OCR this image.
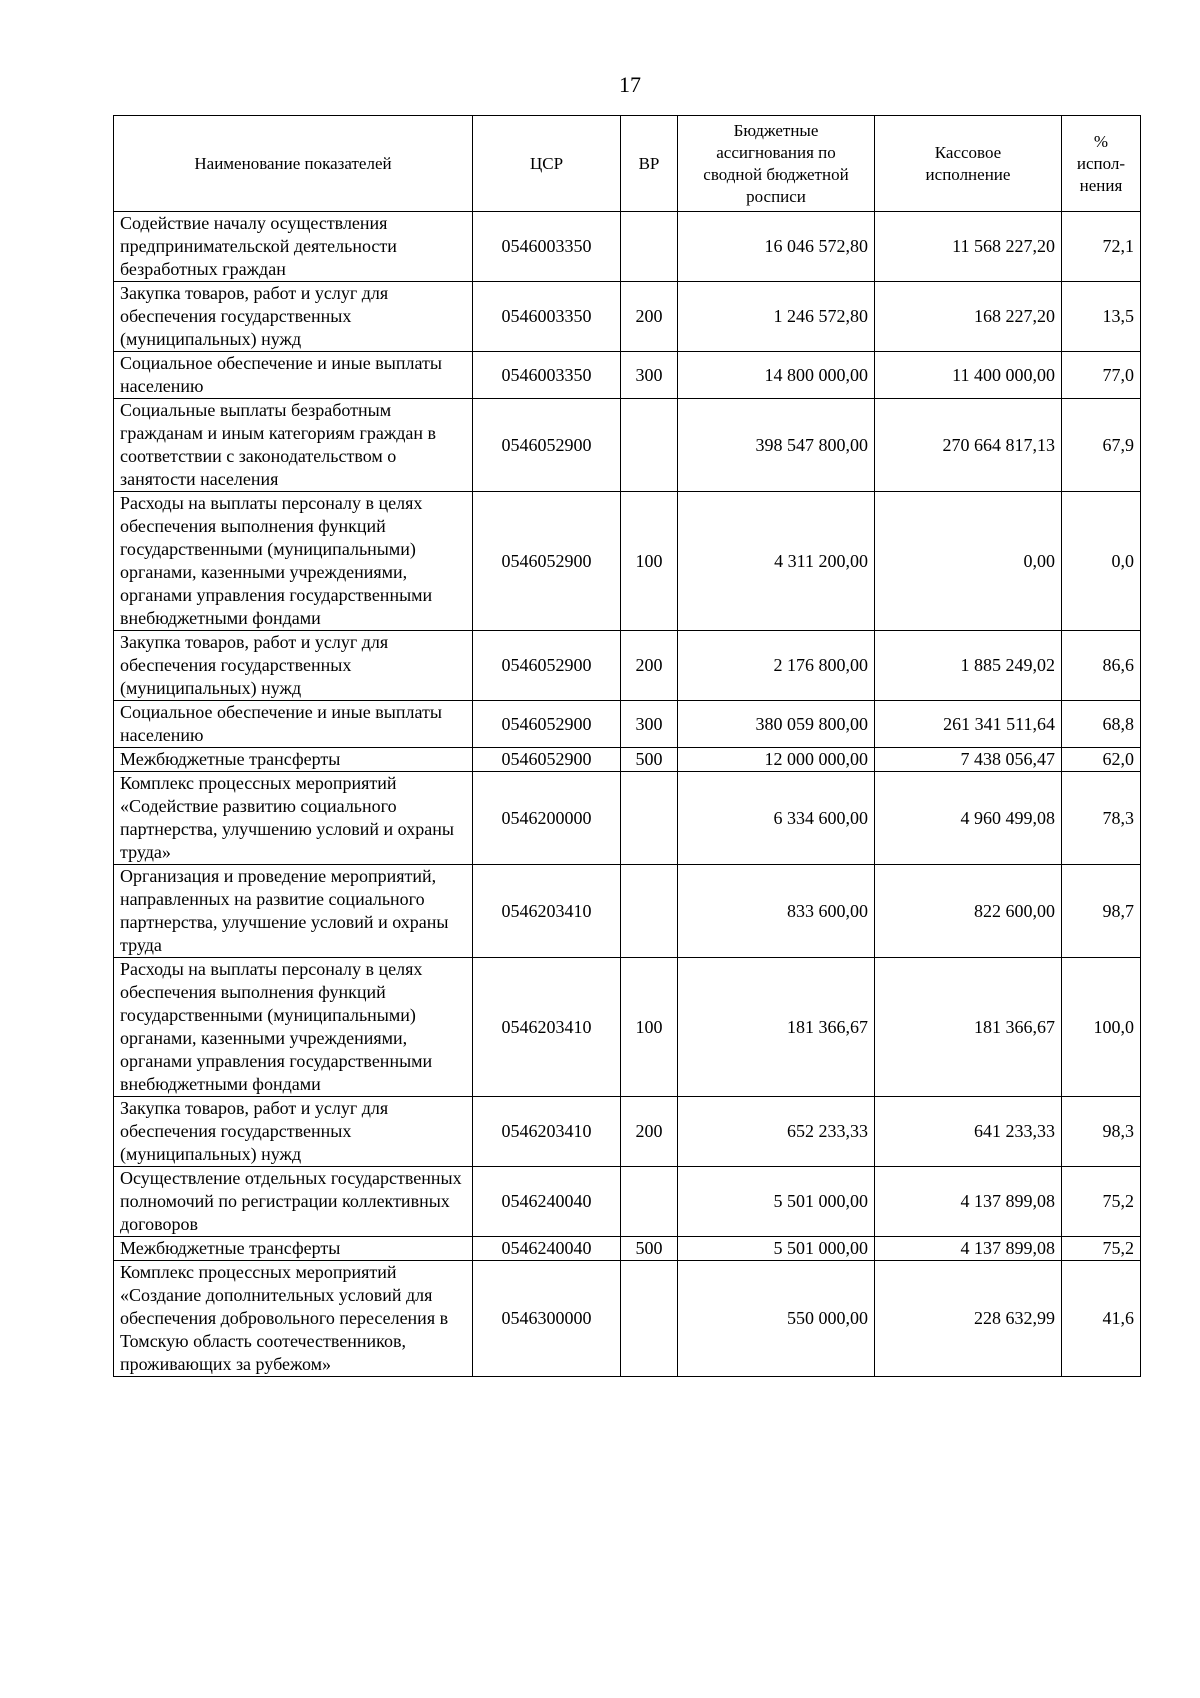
17
Наименование показателей	ЦСР	ВР	Бюджетные ассигнования по сводной бюджетной росписи	Кассовое исполнение	% испол-нения
Содействие началу осуществления предпринимательской деятельности безработных граждан	0546003350		16 046 572,80	11 568 227,20	72,1
Закупка товаров, работ и услуг для обеспечения государственных (муниципальных) нужд	0546003350	200	1 246 572,80	168 227,20	13,5
Социальное обеспечение и иные выплаты населению	0546003350	300	14 800 000,00	11 400 000,00	77,0
Социальные выплаты безработным гражданам и иным категориям граждан в соответствии с законодательством о занятости населения	0546052900		398 547 800,00	270 664 817,13	67,9
Расходы на выплаты персоналу в целях обеспечения выполнения функций государственными (муниципальными) органами, казенными учреждениями, органами управления государственными внебюджетными фондами	0546052900	100	4 311 200,00	0,00	0,0
Закупка товаров, работ и услуг для обеспечения государственных (муниципальных) нужд	0546052900	200	2 176 800,00	1 885 249,02	86,6
Социальное обеспечение и иные выплаты населению	0546052900	300	380 059 800,00	261 341 511,64	68,8
Межбюджетные трансферты	0546052900	500	12 000 000,00	7 438 056,47	62,0
Комплекс процессных мероприятий «Содействие развитию социального партнерства, улучшению условий и охраны труда»	0546200000		6 334 600,00	4 960 499,08	78,3
Организация и проведение мероприятий, направленных на развитие социального партнерства, улучшение условий и охраны труда	0546203410		833 600,00	822 600,00	98,7
Расходы на выплаты персоналу в целях обеспечения выполнения функций государственными (муниципальными) органами, казенными учреждениями, органами управления государственными внебюджетными фондами	0546203410	100	181 366,67	181 366,67	100,0
Закупка товаров, работ и услуг для обеспечения государственных (муниципальных) нужд	0546203410	200	652 233,33	641 233,33	98,3
Осуществление отдельных государственных полномочий по регистрации коллективных договоров	0546240040		5 501 000,00	4 137 899,08	75,2
Межбюджетные трансферты	0546240040	500	5 501 000,00	4 137 899,08	75,2
Комплекс процессных мероприятий «Создание дополнительных условий для обеспечения добровольного переселения в Томскую область соотечественников, проживающих за рубежом»	0546300000		550 000,00	228 632,99	41,6
